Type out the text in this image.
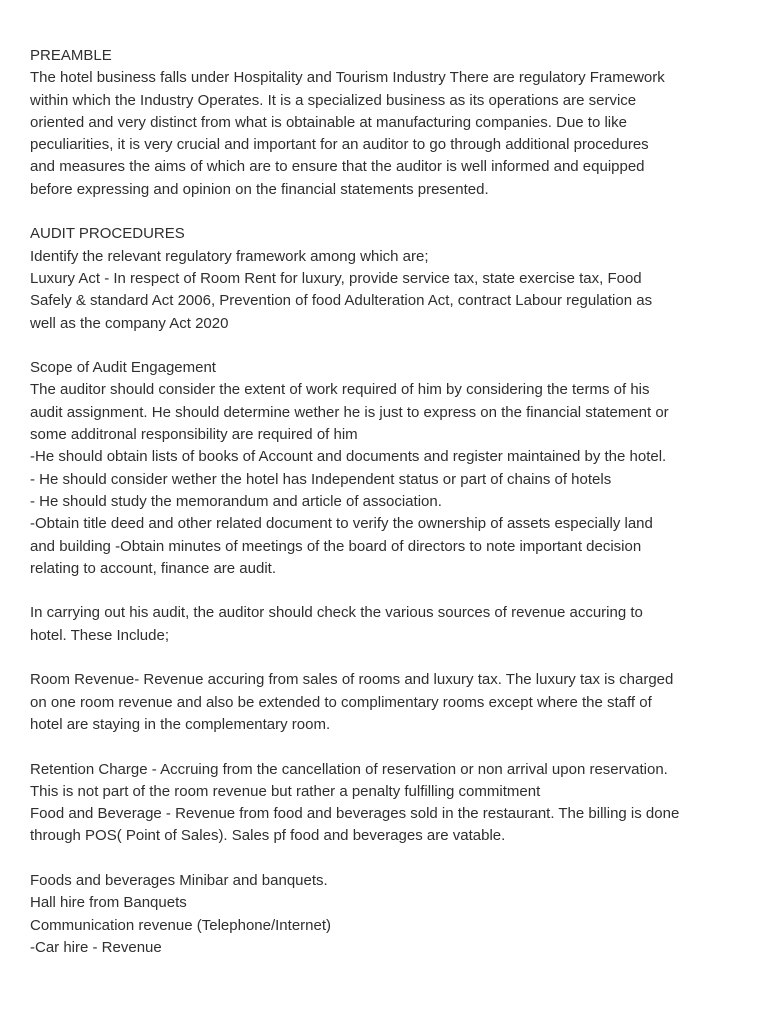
PREAMBLE
The hotel business falls under Hospitality and Tourism Industry There are regulatory Framework
within which the Industry Operates. It is a specialized business as its operations are service
oriented and very distinct from what is obtainable at manufacturing companies. Due to like
peculiarities, it is very crucial and important for an auditor to go through additional procedures
and measures the aims of which are to ensure that the auditor is well informed and equipped
before expressing and opinion on the financial statements presented.
AUDIT PROCEDURES
Identify the relevant regulatory framework among which are;
Luxury Act - In respect of Room Rent for luxury, provide service tax, state exercise tax, Food
Safely & standard Act 2006, Prevention of food Adulteration Act, contract Labour regulation as
well as the company Act 2020
Scope of Audit Engagement
The auditor should consider the extent of work required of him by considering the terms of his
audit assignment. He should determine wether he is just to express on the financial statement or
some additronal responsibility are required of him
-He should obtain lists of books of Account and documents and register maintained by the hotel.
- He should consider wether the hotel has Independent status or part of chains of hotels
- He should study the memorandum and article of association.
-Obtain title deed and other related document to verify the ownership of assets especially land
and building -Obtain minutes of meetings of the board of directors to note important decision
relating to account, finance are audit.
In carrying out his audit, the auditor should check the various sources of revenue accuring to
hotel. These Include;
Room Revenue- Revenue accuring from sales of rooms and luxury tax. The luxury tax is charged
on one room revenue and also be extended to complimentary rooms except where the staff of
hotel are staying in the complementary room.
Retention Charge - Accruing from the cancellation of reservation or non arrival upon reservation.
This is not part of the room revenue but rather a penalty fulfilling commitment
Food and Beverage - Revenue from food and beverages sold in the restaurant. The billing is done
through POS( Point of Sales). Sales pf food and beverages are vatable.
Foods and beverages Minibar and banquets.
Hall hire from Banquets
Communication revenue (Telephone/Internet)
-Car hire - Revenue
